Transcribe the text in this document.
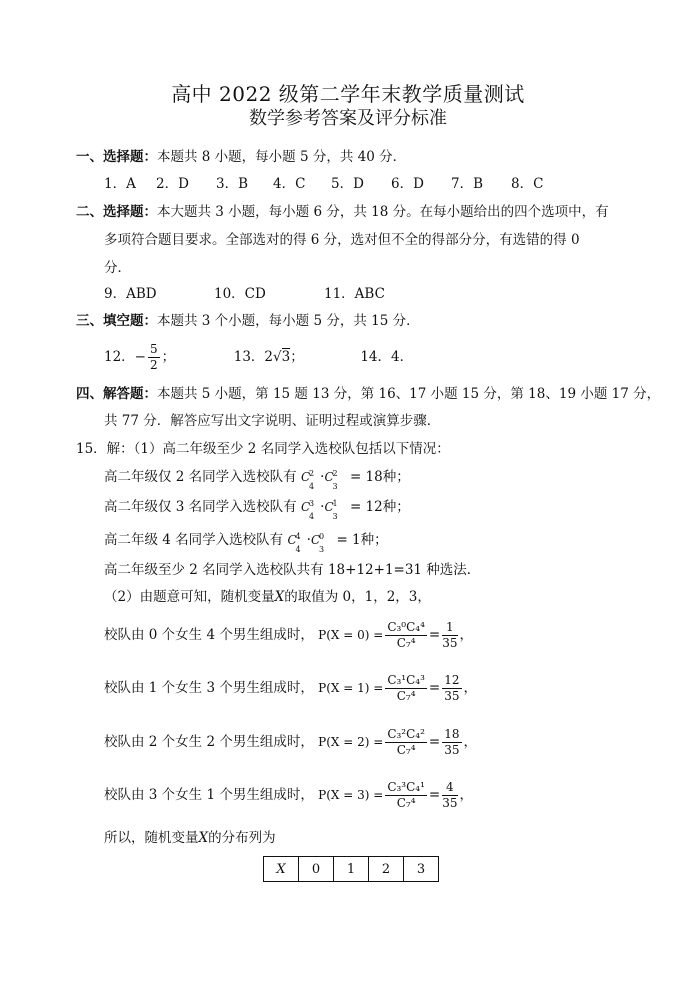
高中 2022 级第二学年末教学质量测试
数学参考答案及评分标准
一、选择题：本题共 8 小题，每小题 5 分，共 40 分．
1．A 2．D 3．B 4．C 5．D 6．D 7．B 8．C
二、选择题：本大题共 3 小题，每小题 6 分，共 18 分。在每小题给出的四个选项中，有
多项符合题目要求。全部选对的得 6 分，选对但不全的得部分分，有选错的得 0
分．
9．ABD	10．CD	11．ABC
三、填空题：本题共 3 个小题，每小题 5 分，共 15 分．
12．− $\frac{5}{2}$ ；	13．2√3；	14．4．
四、解答题：本题共 5 小题，第 15 题 13 分，第 16、17 小题 15 分，第 18、19 小题 17 分，
共 77 分．解答应写出文字说明、证明过程或演算步骤．
15．解：（1）高二年级至少 2 名同学入选校队包括以下情况：
高二年级仅 2 名同学入选校队有 C
2
4
·C
2
3
= 18种；
高二年级仅 3 名同学入选校队有 C
3
4
·C
1
3
= 12种；
高二年级 4 名同学入选校队有 C
4
4
·C
0
3
= 1种；
高二年级至少 2 名同学入选校队共有 18+12+1=31 种选法．
（2）由题意可知，随机变量X的取值为 0，1，2，3，
校队由 0 个女生 4 个男生组成时， $P(X = 0) = \frac{\text{C₃⁰C₄⁴}}{\text{C₇⁴}} = \frac{1}{35}$ ，
校队由 1 个女生 3 个男生组成时， $P(X = 1) = \frac{\text{C₃¹C₄³}}{\text{C₇⁴}} = \frac{12}{35}$ ，
校队由 2 个女生 2 个男生组成时， $P(X = 2) = \frac{\text{C₃²C₄²}}{\text{C₇⁴}} = \frac{18}{35}$ ，
校队由 3 个女生 1 个男生组成时， $P(X = 3) = \frac{\text{C₃³C₄¹}}{\text{C₇⁴}} = \frac{4}{35}$ ，
所以，随机变量X的分布列为
X	0	1	2	3
